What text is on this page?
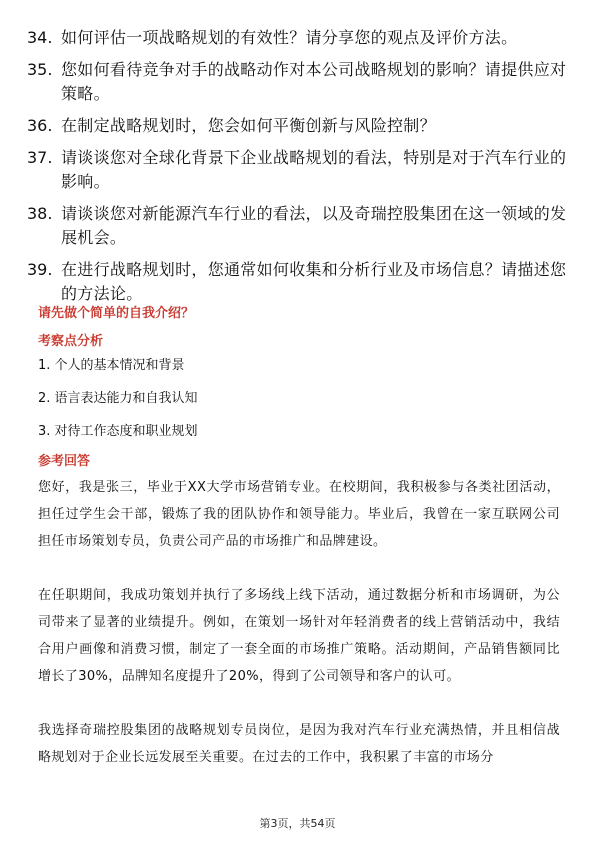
34. 如何评估一项战略规划的有效性？请分享您的观点及评价方法。
35. 您如何看待竞争对手的战略动作对本公司战略规划的影响？请提供应对策略。
36. 在制定战略规划时，您会如何平衡创新与风险控制？
37. 请谈谈您对全球化背景下企业战略规划的看法，特别是对于汽车行业的影响。
38. 请谈谈您对新能源汽车行业的看法，以及奇瑞控股集团在这一领域的发展机会。
39. 在进行战略规划时，您通常如何收集和分析行业及市场信息？请描述您的方法论。
请先做个简单的自我介绍？
考察点分析
1. 个人的基本情况和背景
2. 语言表达能力和自我认知
3. 对待工作态度和职业规划
参考回答

您好，我是张三，毕业于XX大学市场营销专业。在校期间，我积极参与各类社团活动，担任过学生会干部，锻炼了我的团队协作和领导能力。毕业后，我曾在一家互联网公司担任市场策划专员，负责公司产品的市场推广和品牌建设。

在任职期间，我成功策划并执行了多场线上线下活动，通过数据分析和市场调研，为公司带来了显著的业绩提升。例如，在策划一场针对年轻消费者的线上营销活动中，我结合用户画像和消费习惯，制定了一套全面的市场推广策略。活动期间，产品销售额同比增长了30%，品牌知名度提升了20%，得到了公司领导和客户的认可。

我选择奇瑞控股集团的战略规划专员岗位，是因为我对汽车行业充满热情，并且相信战略规划对于企业长远发展至关重要。在过去的工作中，我积累了丰富的市场分

第3页，共54页
